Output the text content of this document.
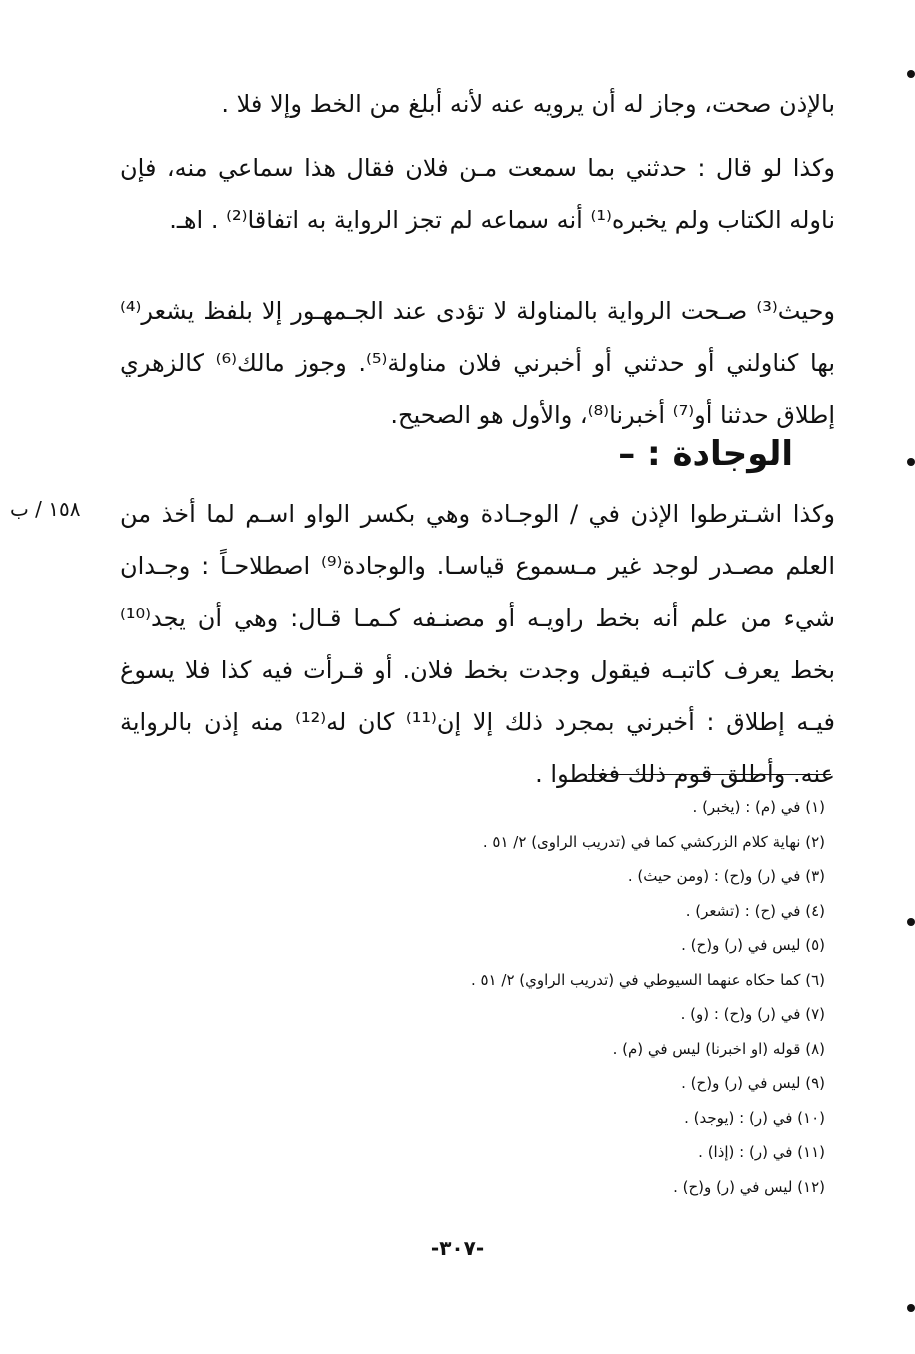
بالإذن صحت، وجاز له أن يرويه عنه لأنه أبلغ من الخط وإلا فلا .

وكذا لو قال : حدثني بما سمعت مـن فلان فقال هذا سماعي منه، فإن ناوله الكتاب ولم يخبره⁽¹⁾ أنه سماعه لم تجز الرواية به اتفاقا⁽²⁾ . اهـ.

وحيث⁽³⁾ صـحت الرواية بالمناولة لا تؤدى عند الجـمهـور إلا بلفظ يشعر⁽⁴⁾ بها كناولني أو حدثني أو أخبرني فلان مناولة⁽⁵⁾. وجوز مالك⁽⁶⁾ كالزهري إطلاق حدثنا أو⁽⁷⁾ أخبرنا⁽⁸⁾، والأول هو الصحيح.

الوجادة : –
١٥٨ / ب وكذا اشـترطوا الإذن في / الوجـادة وهي بكسر الواو اسـم لما أخذ من العلم مصـدر لوجد غير مـسموع قياسـا. والوجادة⁽⁹⁾ اصطلاحـاً : وجـدان شيء من علم أنه بخط راويـه أو مصنـفه كـمـا قـال: وهي أن يجد⁽¹⁰⁾ بخط يعرف كاتبـه فيقول وجدت بخط فلان. أو قـرأت فيه كذا فلا يسوغ فيـه إطلاق : أخبرني بمجرد ذلك إلا إن⁽¹¹⁾ كان له⁽¹²⁾ منه إذن بالرواية عنه. وأطلق قوم ذلك فغلطوا .

(١) في (م) : (يخبر) .
(٢) نهاية كلام الزركشي كما في (تدريب الراوى) ٢/ ٥١ .
(٣) في (ر) و(ح) : (ومن حيث) .
(٤) في (ح) : (تشعر) .
(٥) ليس في (ر) و(ح) .
(٦) كما حكاه عنهما السيوطي في (تدريب الراوي) ٢/ ٥١ .
(٧) في (ر) و(ح) : (و) .
(٨) قوله (او اخبرنا) ليس في (م) .
(٩) ليس في (ر) و(ح) .
(١٠) في (ر) : (يوجد) .
(١١) في (ر) : (إذا) .
(١٢) ليس في (ر) و(ح) .
-٣٠٧-
